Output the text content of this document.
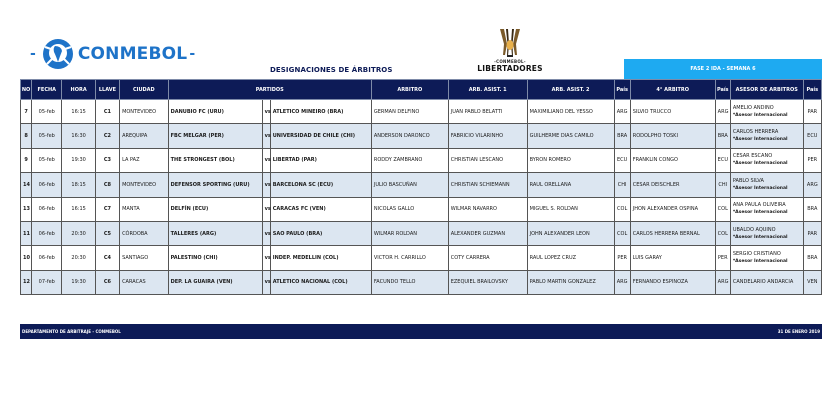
- CONMEBOL -
DESIGNACIONES DE ÁRBITROS
-CONMEBOL-
LIBERTADORES	FASE 2 IDA - SEMANA 6
NO	FECHA	HORA	LLAVE	CIUDAD	PARTIDOS			ARBITRO	ARB. ASIST. 1	ARB. ASIST. 2	País	4° ARBITRO	País	ASESOR DE ARBITROS	País
7	05-feb	16:15	C1	MONTEVIDEO	DANUBIO FC (URU)	vs	ATLETICO MINEIRO (BRA)	GERMAN DELFINO	JUAN PABLO BELATTI	MAXIMILIANO DEL YESSO	ARG	SILVIO TRUCCO	ARG	AMELIO ANDINO
*Asesor Internacional	PAR
8	05-feb	16:30	C2	AREQUIPA	FBC MELGAR (PER)	vs	UNIVERSIDAD DE CHILE (CHI)	ANDERSON DARONCO	FABRICIO VILARINHO	GUILHERME DIAS CAMILO	BRA	RODOLPHO TOSKI	BRA	CARLOS HERRERA
*Asesor Internacional	ECU
9	05-feb	19:30	C3	LA PAZ	THE STRONGEST (BOL)	vs	LIBERTAD (PAR)	RODDY ZAMBRANO	CHRISTIAN LESCANO	BYRON ROMERO	ECU	FRANKLIN CONGO	ECU	CESAR ESCANO
*Asesor Internacional	PER
14	06-feb	18:15	C8	MONTEVIDEO	DEFENSOR SPORTING (URU)	vs	BARCELONA SC (ECU)	JULIO BASCUÑAN	CHRISTIAN SCHIEMANN	RAUL ORELLANA	CHI	CESAR DEISCHLER	CHI	PABLO SILVA
*Asesor Internacional	ARG
13	06-feb	16:15	C7	MANTA	DELFÍN (ECU)	vs	CARACAS FC (VEN)	NICOLAS GALLO	WILMAR NAVARRO	MIGUEL S. ROLDAN	COL	JHON ALEXANDER OSPINA	COL	ANA PAULA OLIVEIRA
*Asesor Internacional	BRA
11	06-feb	20:30	C5	CÓRDOBA	TALLERES (ARG)	vs	SAO PAULO (BRA)	WILMAR ROLDAN	ALEXANDER GUZMAN	JOHN ALEXANDER LEON	COL	CARLOS HERRERA BERNAL	COL	UBALDO AQUINO
*Asesor Internacional	PAR
10	06-feb	20:30	C4	SANTIAGO	PALESTINO (CHI)	vs	INDEP. MEDELLIN (COL)	VICTOR H. CARRILLO	COTY CARRERA	RAUL LOPEZ CRUZ	PER	LUIS GARAY	PER	SERGIO CRISTIANO
*Asesor Internacional	BRA
12	07-feb	19:30	C6	CARACAS	DEP. LA GUAIRA (VEN)	vs	ATLETICO NACIONAL (COL)	FACUNDO TELLO	EZEQUIEL BRAILOVSKY	PABLO MARTIN GONZALEZ	ARG	FERNANDO ESPINOZA	ARG	CANDELARIO ANDARCIA	VEN
DEPARTAMENTO DE ARBITRAJE - CONMEBOL	31 DE ENERO 2019
